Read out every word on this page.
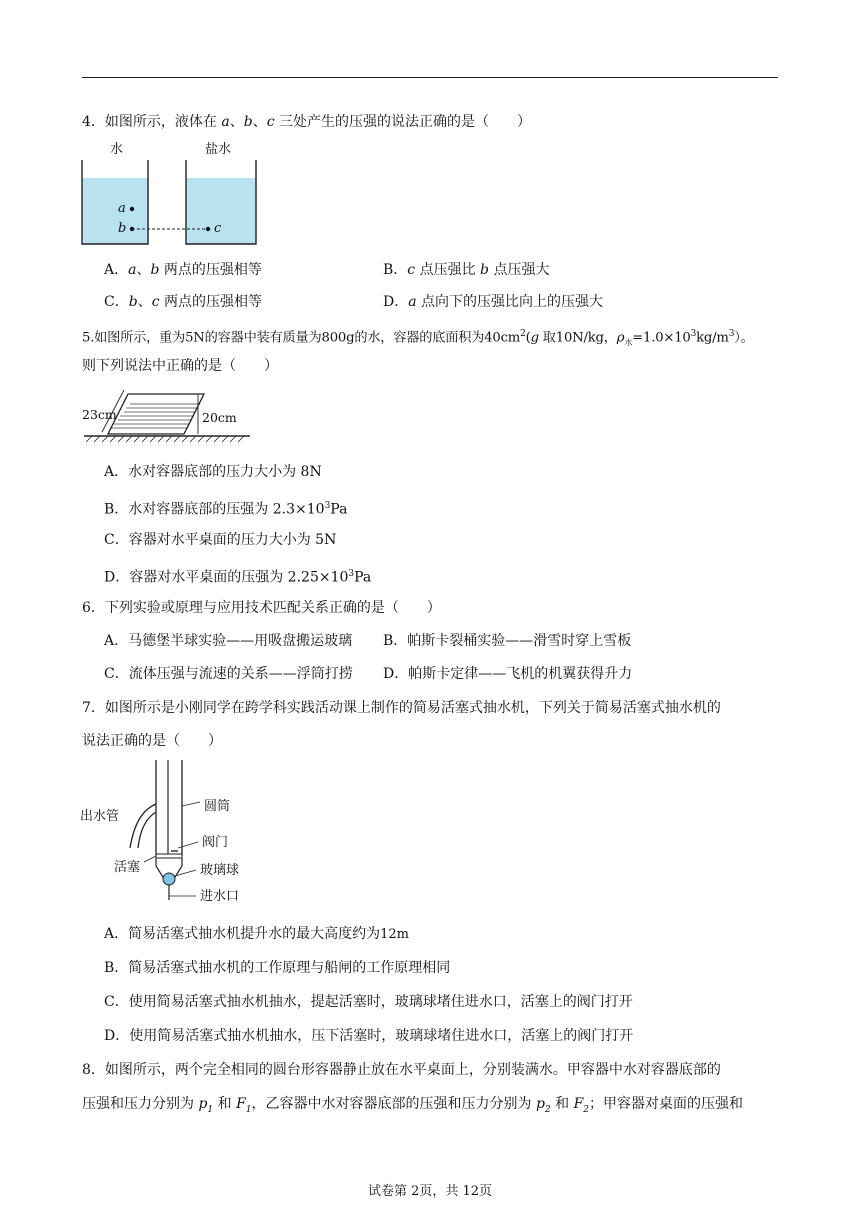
4．如图所示，液体在 a、b、c 三处产生的压强的说法正确的是（　　）
水	盐水
a
b	c
A．a、b 两点的压强相等	B．c 点压强比 b 点压强大
C．b、c 两点的压强相等	D．a 点向下的压强比向上的压强大
5.如图所示，重为5N的容器中装有质量为800g的水，容器的底面积为$40cm^2(g$ 取10N/kg，$\rho_水=1.0\times 10^3kg/m^3$）。
则下列说法中正确的是（　　）
23cm	20cm
A．水对容器底部的压力大小为 8N
B．水对容器底部的压强为 $2.3\times 10^3Pa$
C．容器对水平桌面的压力大小为 5N
D．容器对水平桌面的压强为 $2.25\times 10^3Pa$
6．下列实验或原理与应用技术匹配关系正确的是（　　）
A．马德堡半球实验——用吸盘搬运玻璃 B．帕斯卡裂桶实验——滑雪时穿上雪板
C．流体压强与流速的关系——浮筒打捞 D．帕斯卡定律——飞机的机翼获得升力
7．如图所示是小刚同学在跨学科实践活动课上制作的简易活塞式抽水机，下列关于简易活塞式抽水机的
说法正确的是（　　）
出水管
圆筒
阀门
活塞	玻璃球
进水口
A．简易活塞式抽水机提升水的最大高度约为12m
B．简易活塞式抽水机的工作原理与船闸的工作原理相同
C．使用简易活塞式抽水机抽水，提起活塞时，玻璃球堵住进水口，活塞上的阀门打开
D．使用简易活塞式抽水机抽水，压下活塞时，玻璃球堵住进水口，活塞上的阀门打开
8．如图所示，两个完全相同的圆台形容器静止放在水平桌面上，分别装满水。甲容器中水对容器底部的
压强和压力分别为 $p_1$ 和 $F_1$，乙容器中水对容器底部的压强和压力分别为 $p_2$ 和 $F_2$；甲容器对桌面的压强和
试卷第 2页，共 12页
